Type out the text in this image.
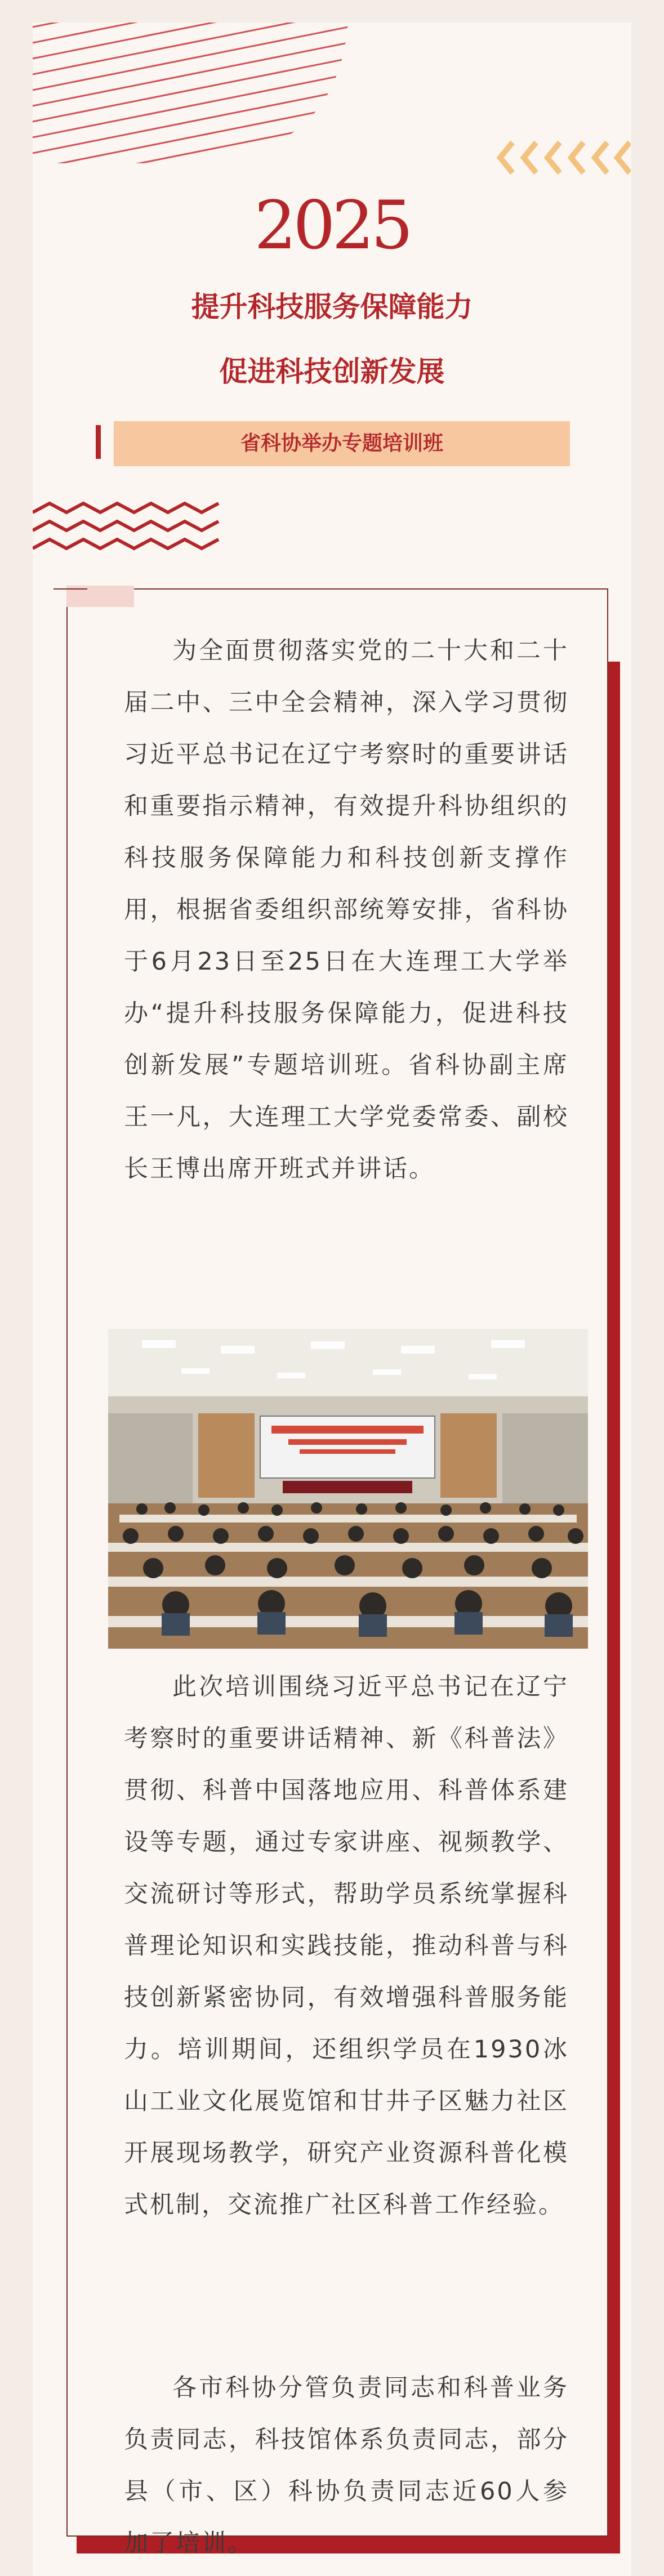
2025
提升科技服务保障能力
促进科技创新发展
省科协举办专题培训班

为全面贯彻落实党的二十大和二十届二中、三中全会精神，深入学习贯彻习近平总书记在辽宁考察时的重要讲话和重要指示精神，有效提升科协组织的科技服务保障能力和科技创新支撑作用，根据省委组织部统筹安排，省科协于6月23日至25日在大连理工大学举办“提升科技服务保障能力，促进科技创新发展”专题培训班。省科协副主席王一凡，大连理工大学党委常委、副校长王博出席开班式并讲话。

此次培训围绕习近平总书记在辽宁考察时的重要讲话精神、新《科普法》贯彻、科普中国落地应用、科普体系建设等专题，通过专家讲座、视频教学、交流研讨等形式，帮助学员系统掌握科普理论知识和实践技能，推动科普与科技创新紧密协同，有效增强科普服务能力。培训期间，还组织学员在1930冰山工业文化展览馆和甘井子区魅力社区开展现场教学，研究产业资源科普化模式机制，交流推广社区科普工作经验。

各市科协分管负责同志和科普业务负责同志，科技馆体系负责同志，部分县（市、区）科协负责同志近60人参加了培训。
